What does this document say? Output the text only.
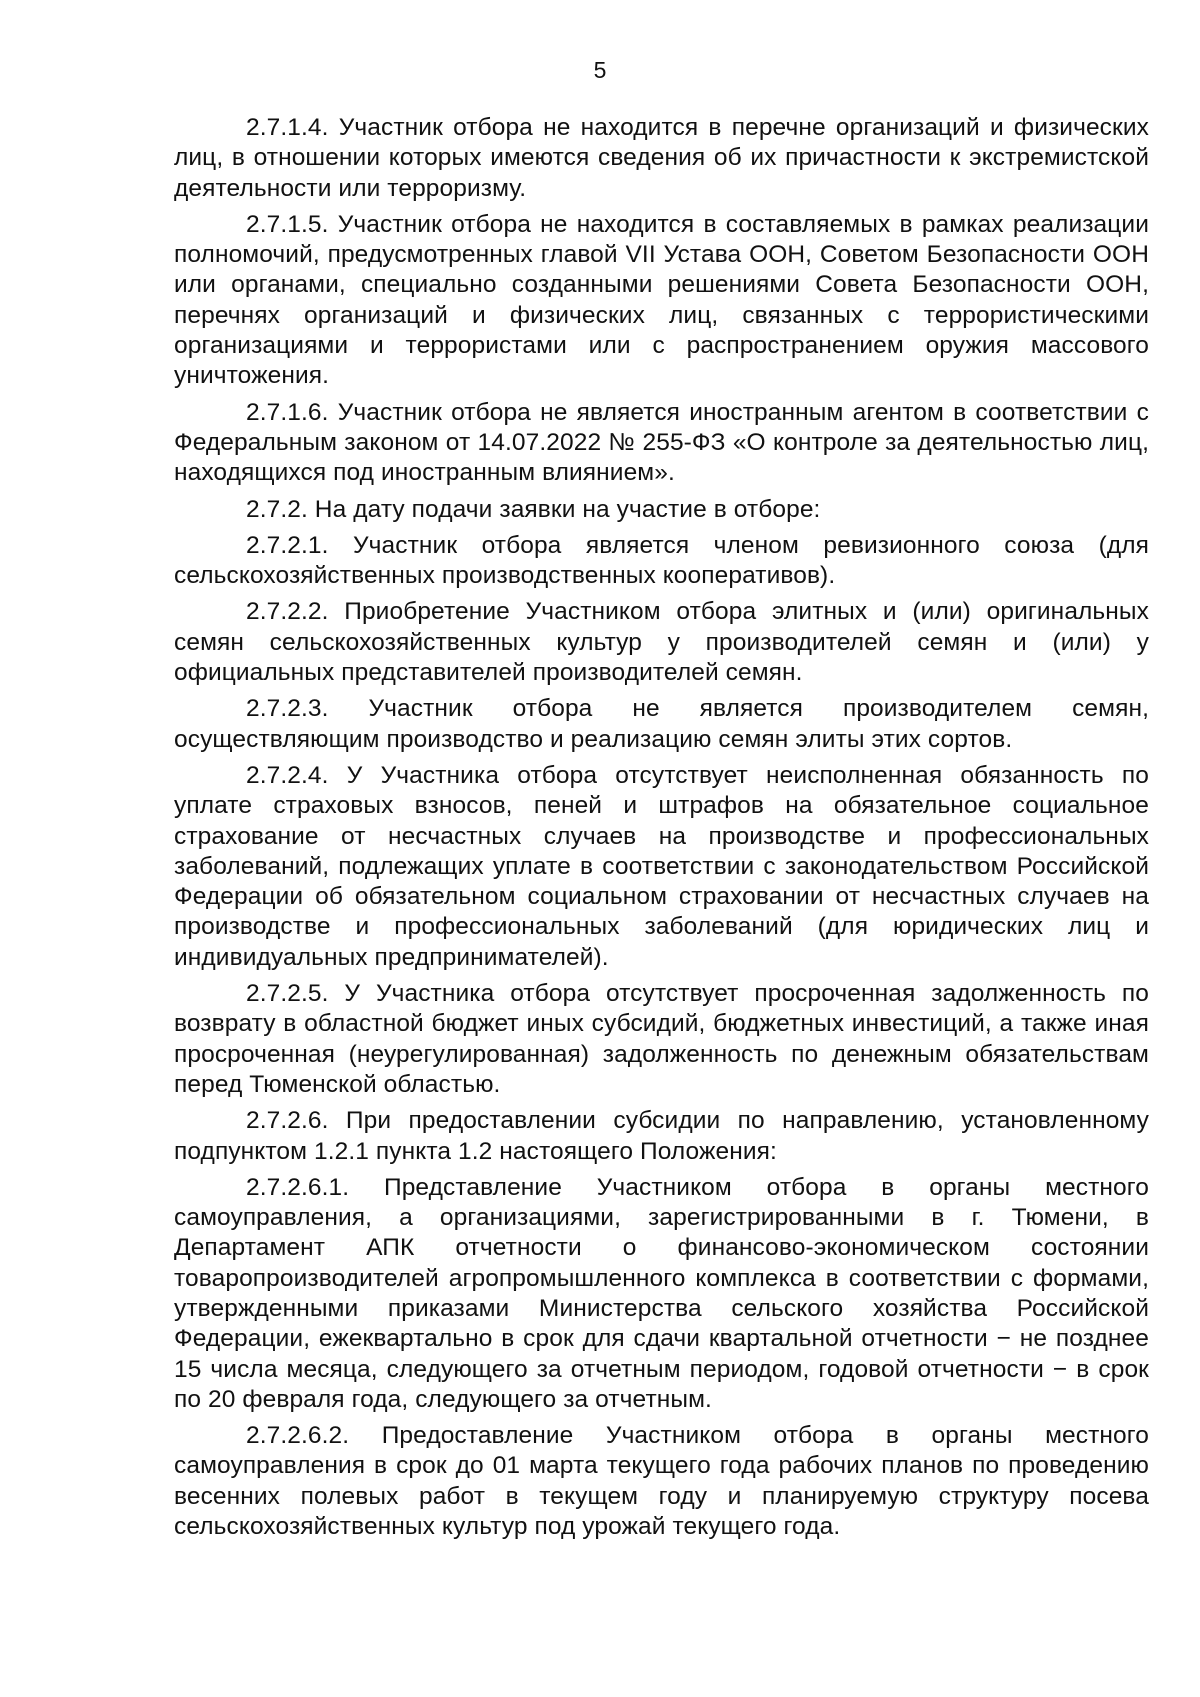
5

2.7.1.4. Участник отбора не находится в перечне организаций и физических лиц, в отношении которых имеются сведения об их причастности к экстремистской деятельности или терроризму.

2.7.1.5. Участник отбора не находится в составляемых в рамках реализации полномочий, предусмотренных главой VII Устава ООН, Советом Безопасности ООН или органами, специально созданными решениями Совета Безопасности ООН, перечнях организаций и физических лиц, связанных с террористическими организациями и террористами или с распространением оружия массового уничтожения.

2.7.1.6. Участник отбора не является иностранным агентом в соответствии с Федеральным законом от 14.07.2022 № 255-ФЗ «О контроле за деятельностью лиц, находящихся под иностранным влиянием».

2.7.2. На дату подачи заявки на участие в отборе:

2.7.2.1. Участник отбора является членом ревизионного союза (для сельскохозяйственных производственных кооперативов).

2.7.2.2. Приобретение Участником отбора элитных и (или) оригинальных семян сельскохозяйственных культур у производителей семян и (или) у официальных представителей производителей семян.

2.7.2.3. Участник отбора не является производителем семян, осуществляющим производство и реализацию семян элиты этих сортов.

2.7.2.4. У Участника отбора отсутствует неисполненная обязанность по уплате страховых взносов, пеней и штрафов на обязательное социальное страхование от несчастных случаев на производстве и профессиональных заболеваний, подлежащих уплате в соответствии с законодательством Российской Федерации об обязательном социальном страховании от несчастных случаев на производстве и профессиональных заболеваний (для юридических лиц и индивидуальных предпринимателей).

2.7.2.5. У Участника отбора отсутствует просроченная задолженность по возврату в областной бюджет иных субсидий, бюджетных инвестиций, а также иная просроченная (неурегулированная) задолженность по денежным обязательствам перед Тюменской областью.

2.7.2.6. При предоставлении субсидии по направлению, установленному подпунктом 1.2.1 пункта 1.2 настоящего Положения:

2.7.2.6.1. Представление Участником отбора в органы местного самоуправления, а организациями, зарегистрированными в г. Тюмени, в Департамент АПК отчетности о финансово-экономическом состоянии товаропроизводителей агропромышленного комплекса в соответствии с формами, утвержденными приказами Министерства сельского хозяйства Российской Федерации, ежеквартально в срок для сдачи квартальной отчетности − не позднее 15 числа месяца, следующего за отчетным периодом, годовой отчетности − в срок по 20 февраля года, следующего за отчетным.

2.7.2.6.2. Предоставление Участником отбора в органы местного самоуправления в срок до 01 марта текущего года рабочих планов по проведению весенних полевых работ в текущем году и планируемую структуру посева сельскохозяйственных культур под урожай текущего года.
